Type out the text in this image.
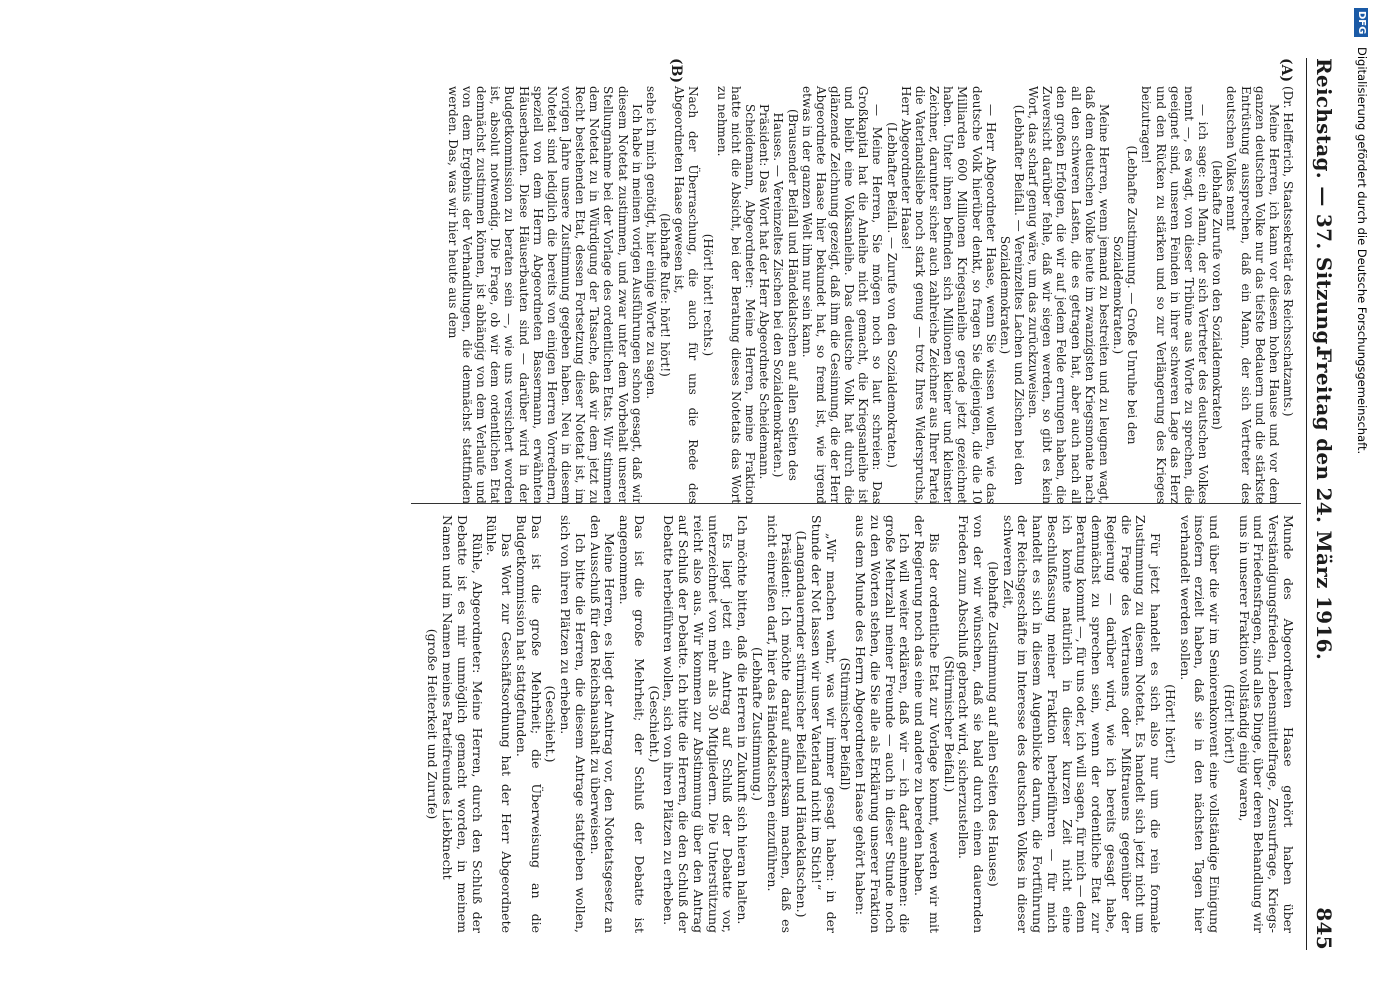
Reichstag. — 37. Sitzung.
Freitag den 24. März 1916.
845
(A)
(B)

(Dr. Helfferich, Staatssekretär des Reichsschatzamts.)

Meine Herren, ich kann vor diesem hohen Hause und vor dem ganzen deutschen Volke nur das tiefste Bedauern und die stärkste Entrüstung aussprechen, daß ein Mann, der sich Vertreter des deutschen Volkes nennt

(lebhafte Zurufe von den Sozialdemokraten)

— ich sage: ein Mann, der sich Vertreter des deutschen Volkes nennt —, es wagt, von dieser Tribüne aus Worte zu sprechen, die geeignet sind, unseren Feinden in ihrer schweren Lage das Herz und den Rücken zu stärken und so zur Verlängerung des Krieges beizutragen!

(Lebhafte Zustimmung. — Große Unruhe bei den Sozialdemokraten.)

Meine Herren, wenn jemand zu bestreiten und zu leugnen wagt, daß dem deutschen Volke heute im zwanzigsten Kriegsmonate nach all den schweren Lasten, die es getragen hat, aber auch nach all den großen Erfolgen, die wir auf jedem Felde errungen haben, die Zuversicht darüber fehle, daß wir siegen werden, so gibt es kein Wort, das scharf genug wäre, um das zurückzuweisen.

(Lebhafter Beifall. — Vereinzeltes Lachen und Zischen bei den Sozialdemokraten.)

— Herr Abgeordneter Haase, wenn Sie wissen wollen, wie das deutsche Volk hierüber denkt, so fragen Sie diejenigen, die die 10 Milliarden 600 Millionen Kriegsanleihe gerade jetzt gezeichnet haben. Unter ihnen befinden sich Millionen kleiner und kleinster Zeichner, darunter sicher auch zahlreiche Zeichner aus Ihrer Partei die Vaterlandsliebe noch stark genug — trotz Ihres Widerspruchs, Herr Abgeordneter Haase!

(Lebhafter Beifall. — Zurufe von den Sozialdemokraten.)

— Meine Herren, Sie mögen noch so laut schreien: Das Großkapital hat die Anleihe nicht gemacht, die Kriegsanleihe ist und bleibt eine Volksanleihe. Das deutsche Volk hat durch die glänzende Zeichnung gezeigt, daß ihm die Gesinnung, die der Herr Abgeordnete Haase hier bekundet hat, so fremd ist, wie irgend etwas in der ganzen Welt ihm nur sein kann.

(Brausender Beifall und Händeklatschen auf allen Seiten des Hauses. — Vereinzeltes Zischen bei den Sozialdemokraten.)

Präsident: Das Wort hat der Herr Abgeordnete Scheidemann.

Scheidemann, Abgeordneter: Meine Herren, meine Fraktion hatte nicht die Absicht, bei der Beratung dieses Notetats das Wort zu nehmen.

(Hört! hört! rechts.)

Nach der Überraschung, die auch für uns die Rede des Abgeordneten Haase gewesen ist,

(lebhafte Rufe: hört! hört!)

sehe ich mich genötigt, hier einige Worte zu sagen.

Ich habe in meinen vorigen Ausführungen schon gesagt, daß wir diesem Notetat zustimmen, und zwar unter dem Vorbehalt unserer Stellungnahme bei der Vorlage des ordentlichen Etats. Wir stimmen dem Notetat zu in Würdigung der Tatsache, daß wir dem jetzt zu Recht bestehenden Etat, dessen Fortsetzung dieser Notetat ist, im vorigen Jahre unsere Zustimmung gegeben haben. Neu in diesem Notetat sind lediglich die bereits von einigen Herren Vorrednern, speziell von dem Herrn Abgeordneten Bassermann, erwähnten Häuserbauten. Diese Häuserbauten sind — darüber wird in der Budgetkommission zu beraten sein —, wie uns versichert worden ist, absolut notwendig. Die Frage, ob wir dem ordentlichen Etat demnächst zustimmen können, ist abhängig von dem Verlaufe und von dem Ergebnis der Verhandlungen, die demnächst stattfinden werden. Das, was wir hier heute aus dem

Munde des Abgeordneten Haase gehört haben über Verständigungsfrieden, Lebensmittelfrage, Zensurfrage, Kriegs- und Friedensfragen, sind alles Dinge, über deren Behandlung wir uns in unserer Fraktion vollständig einig waren,

(Hört! hört!)

und über die wir im Seniorenkonvent eine vollständige Einigung insofern erzielt haben, daß sie in den nächsten Tagen hier verhandelt werden sollen.

(Hört! hört!)

Für jetzt handelt es sich also nur um die rein formale Zustimmung zu diesem Notetat. Es handelt sich jetzt nicht um die Frage des Vertrauens oder Mißtrauens gegenüber der Regierung — darüber wird, wie ich bereits gesagt habe, demnächst zu sprechen sein, wenn der ordentliche Etat zur Beratung kommt —, für uns oder, ich will sagen, für mich — denn ich konnte natürlich in dieser kurzen Zeit nicht eine Beschlußfassung meiner Fraktion herbeiführen — für mich handelt es sich in diesem Augenblicke darum, die Fortführung der Reichsgeschäfte im Interesse des deutschen Volkes in dieser schweren Zeit,

(lebhafte Zustimmung auf allen Seiten des Hauses)

von der wir wünschen, daß sie bald durch einen dauernden Frieden zum Abschluß gebracht wird, sicherzustellen.

(Stürmischer Beifall.)

Bis der ordentliche Etat zur Vorlage kommt, werden wir mit der Regierung noch das eine und andere zu bereden haben.

Ich will weiter erklären, daß wir — ich darf annehmen: die große Mehrzahl meiner Freunde — auch in dieser Stunde noch zu den Worten stehen, die Sie alle als Erklärung unserer Fraktion aus dem Munde des Herrn Abgeordneten Haase gehört haben:

(Stürmischer Beifall)

„Wir machen wahr, was wir immer gesagt haben: in der Stunde der Not lassen wir unser Vaterland nicht im Stich!“

(Langandauernder stürmischer Beifall und Händeklatschen.)

Präsident: Ich möchte darauf aufmerksam machen, daß es nicht einreißen darf, hier das Händeklatschen einzuführen.

(Lebhafte Zustimmung.)

Ich möchte bitten, daß die Herren in Zukunft sich hieran halten.

Es liegt jetzt ein Antrag auf Schluß der Debatte vor, unterzeichnet von mehr als 30 Mitgliedern. Die Unterstützung reicht also aus. Wir kommen zur Abstimmung über den Antrag auf Schluß der Debatte. Ich bitte die Herren, die den Schluß der Debatte herbeiführen wollen, sich von ihren Plätzen zu erheben.

(Geschieht.)

Das ist die große Mehrheit; der Schluß der Debatte ist angenommen.

Meine Herren, es liegt der Antrag vor, den Notetatsgesetz an den Ausschuß für den Reichshaushalt zu überweisen.

Ich bitte die Herren, die diesem Antrage stattgeben wollen, sich von ihren Plätzen zu erheben.

(Geschieht.)

Das ist die große Mehrheit; die Überweisung an die Budgetkommission hat stattgefunden.

Das Wort zur Geschäftsordnung hat der Herr Abgeordnete Rühle.

Rühle, Abgeordneter: Meine Herren, durch den Schluß der Debatte ist es mir unmöglich gemacht worden, in meinem Namen und im Namen meines Parteifreundes Liebknecht

(große Heiterkeit und Zurufe)

DFG Digitalisierung gefördert durch die Deutsche Forschungsgemeinschaft.
